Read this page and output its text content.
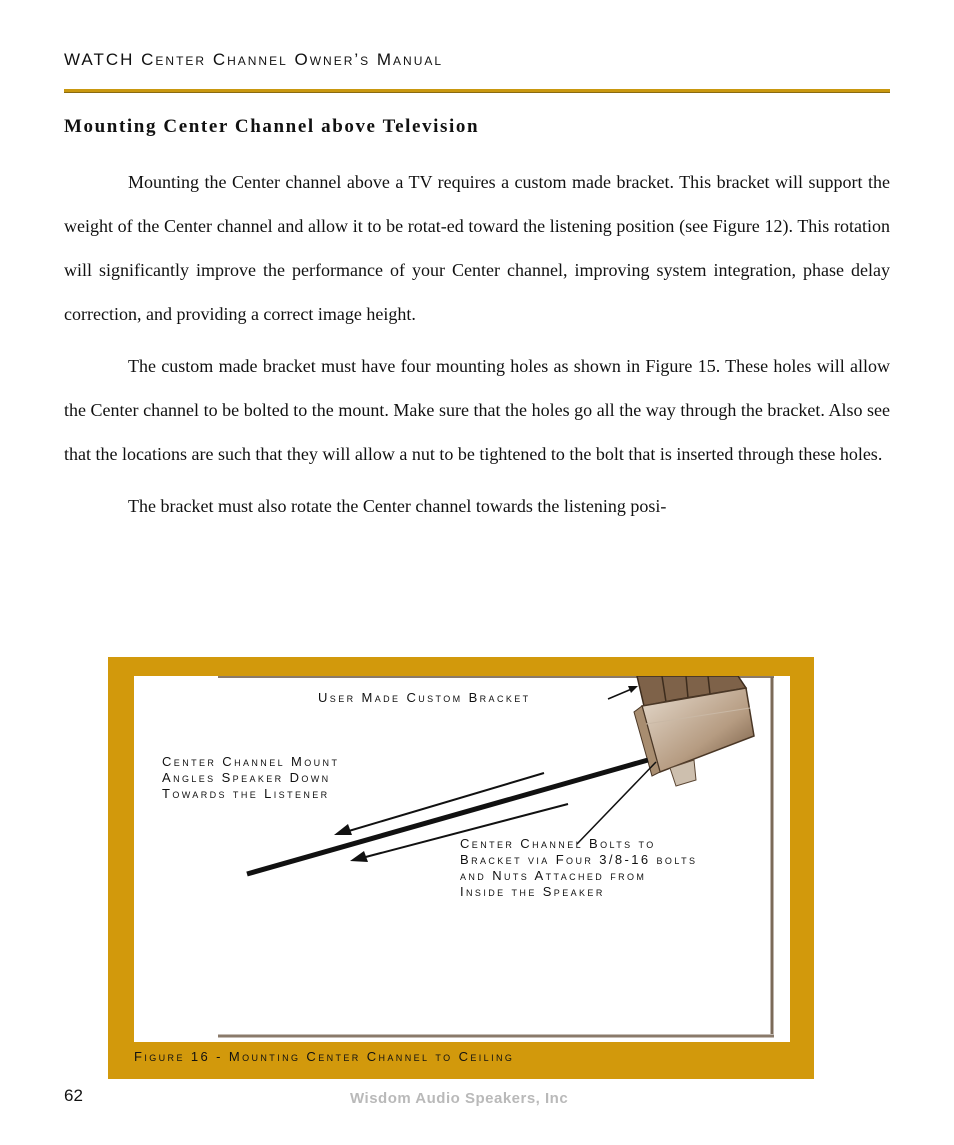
WATCH Center Channel Owner’s Manual
Mounting Center Channel above Television

Mounting the Center channel above a TV requires a custom made bracket. This bracket will support the weight of the Center channel and allow it to be rotat-ed toward the listening position (see Figure 12). This rotation will significantly improve the performance of your Center channel, improving system integration, phase delay correction, and providing a correct image height.

The custom made bracket must have four mounting holes as shown in Figure 15. These holes will allow the Center channel to be bolted to the mount. Make sure that the holes go all the way through the bracket. Also see that the locations are such that they will allow a nut to be tightened to the bolt that is inserted through these holes.

The bracket must also rotate the Center channel towards the listening posi-

User Made Custom Bracket
Center Channel Mount
Angles Speaker Down
Towards the Listener
Center Channel Bolts to
Bracket via Four 3/8-16 bolts
and Nuts Attached from
Inside the Speaker
Figure 16 - Mounting Center Channel to Ceiling
62	Wisdom Audio Speakers, Inc
